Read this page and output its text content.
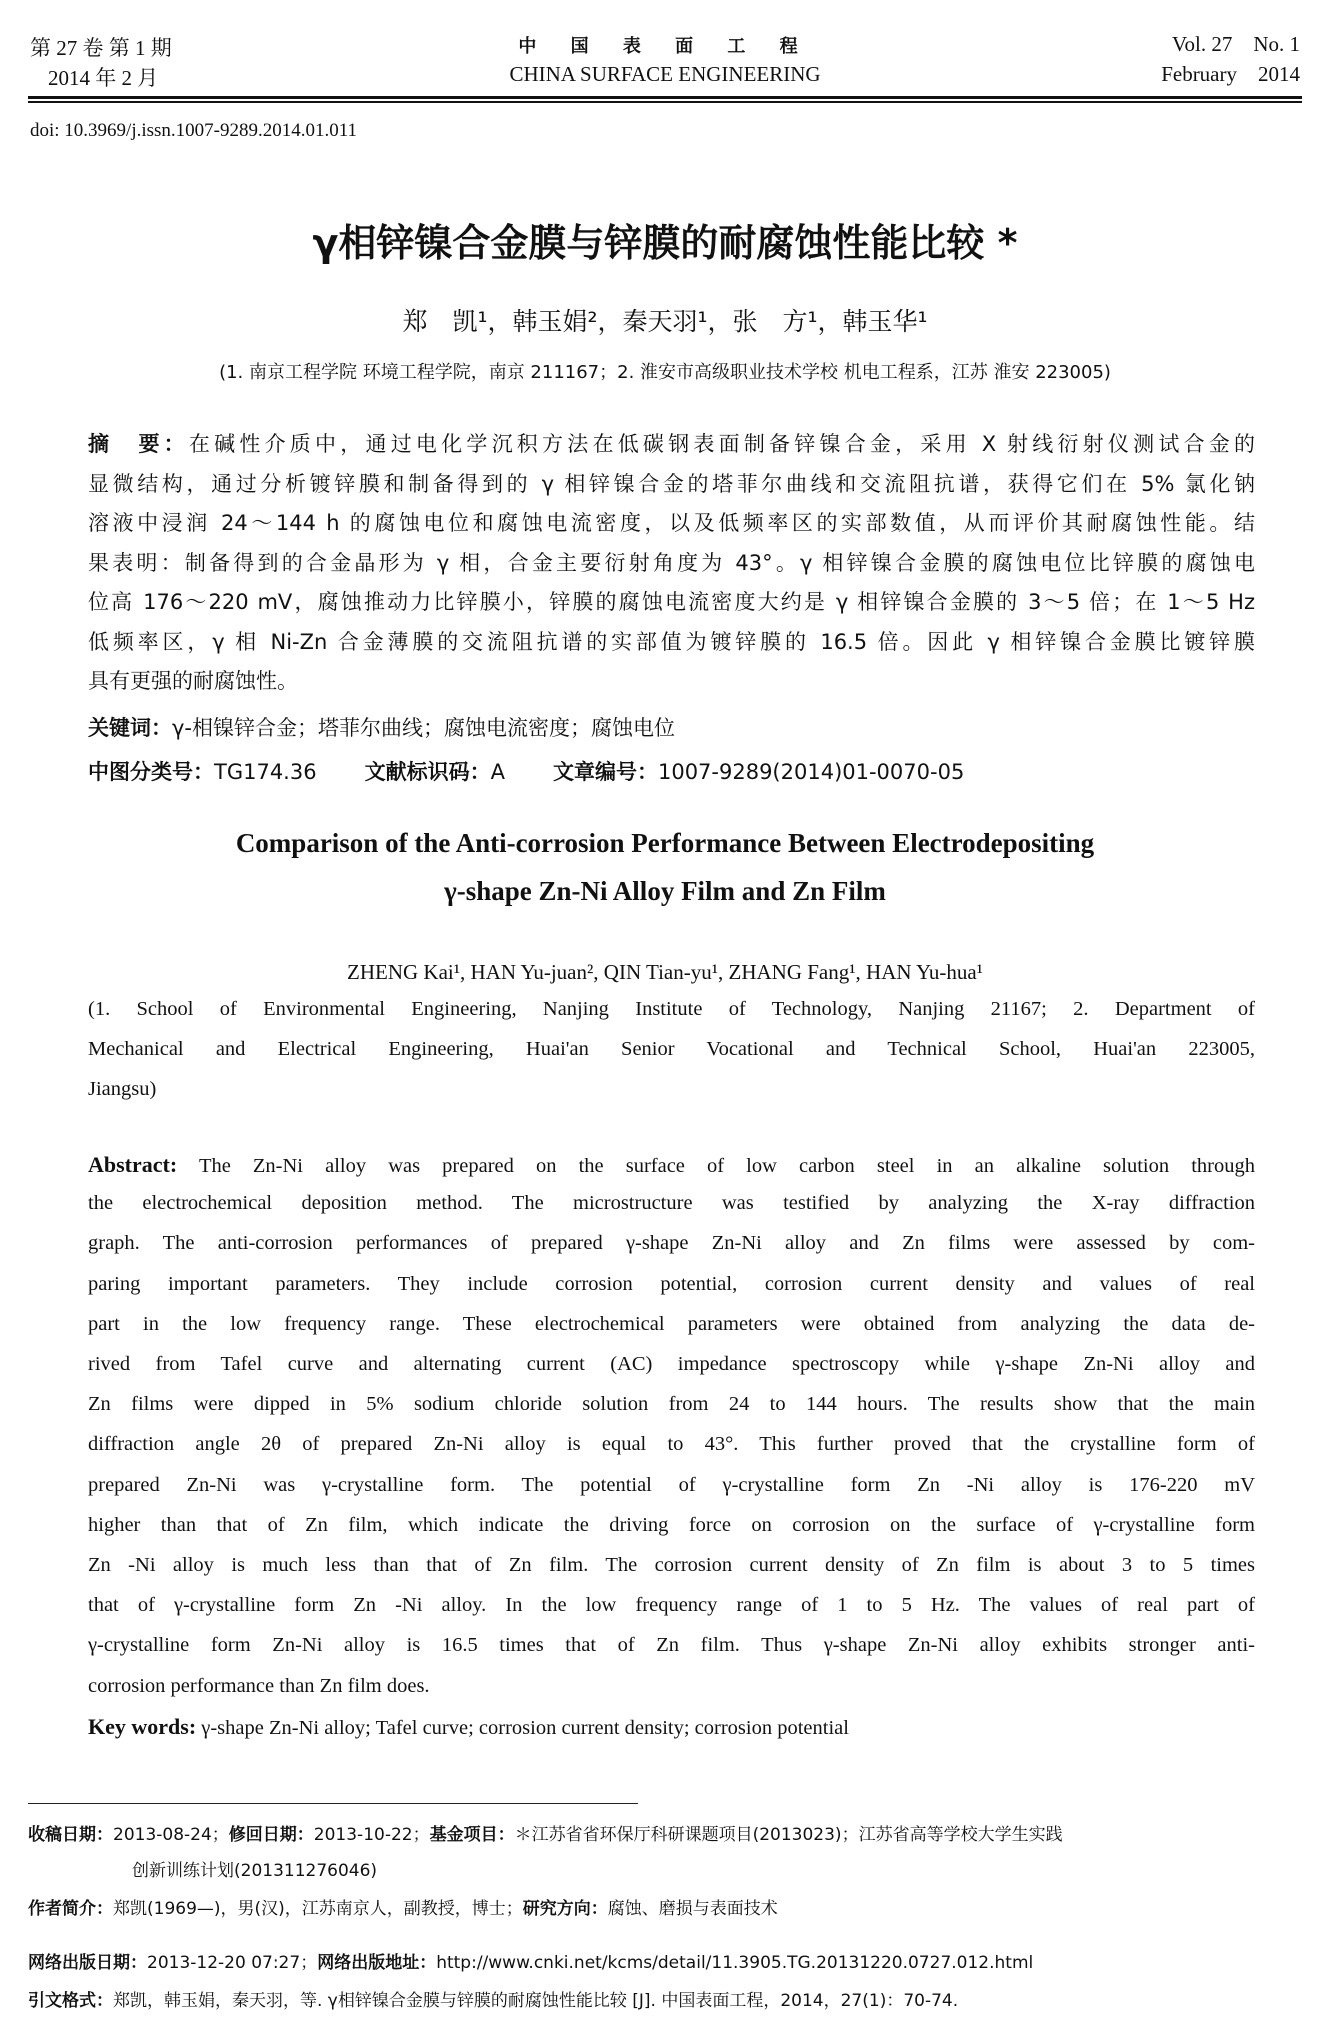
第 27 卷 第 1 期
2014 年 2 月
中 国 表 面 工 程
CHINA SURFACE ENGINEERING
Vol. 27    No. 1
February    2014
doi: 10.3969/j.issn.1007-9289.2014.01.011
γ相锌镍合金膜与锌膜的耐腐蚀性能比较 *
郑　凯¹，韩玉娟²，秦天羽¹，张　方¹，韩玉华¹
(1. 南京工程学院 环境工程学院，南京 211167；2. 淮安市高级职业技术学校 机电工程系，江苏 淮安 223005)
摘　要：在碱性介质中，通过电化学沉积方法在低碳钢表面制备锌镍合金，采用 X 射线衍射仪测试合金的
显微结构，通过分析镀锌膜和制备得到的 γ 相锌镍合金的塔菲尔曲线和交流阻抗谱，获得它们在 5% 氯化钠
溶液中浸润 24～144 h 的腐蚀电位和腐蚀电流密度，以及低频率区的实部数值，从而评价其耐腐蚀性能。结
果表明：制备得到的合金晶形为 γ 相，合金主要衍射角度为 43°。γ 相锌镍合金膜的腐蚀电位比锌膜的腐蚀电
位高 176～220 mV，腐蚀推动力比锌膜小，锌膜的腐蚀电流密度大约是 γ 相锌镍合金膜的 3～5 倍；在 1～5 Hz
低频率区，γ 相 Ni-Zn 合金薄膜的交流阻抗谱的实部值为镀锌膜的 16.5 倍。因此 γ 相锌镍合金膜比镀锌膜
具有更强的耐腐蚀性。
关键词：γ-相镍锌合金；塔菲尔曲线；腐蚀电流密度；腐蚀电位
中图分类号：TG174.36 文献标识码：A 文章编号：1007-9289(2014)01-0070-05
Comparison of the Anti-corrosion Performance Between Electrodepositing
γ-shape Zn-Ni Alloy Film and Zn Film
ZHENG Kai¹, HAN Yu-juan², QIN Tian-yu¹, ZHANG Fang¹, HAN Yu-hua¹
(1. School of Environmental Engineering, Nanjing Institute of Technology, Nanjing 21167; 2. Department of
Mechanical and Electrical Engineering, Huai'an Senior Vocational and Technical School, Huai'an 223005,
Jiangsu)
Abstract: The Zn-Ni alloy was prepared on the surface of low carbon steel in an alkaline solution through
the electrochemical deposition method. The microstructure was testified by analyzing the X-ray diffraction
graph. The anti-corrosion performances of prepared γ-shape Zn-Ni alloy and Zn films were assessed by com-
paring important parameters. They include corrosion potential, corrosion current density and values of real
part in the low frequency range. These electrochemical parameters were obtained from analyzing the data de-
rived from Tafel curve and alternating current (AC) impedance spectroscopy while γ-shape Zn-Ni alloy and
Zn films were dipped in 5% sodium chloride solution from 24 to 144 hours. The results show that the main
diffraction angle 2θ of prepared Zn-Ni alloy is equal to 43°. This further proved that the crystalline form of
prepared Zn-Ni was γ-crystalline form. The potential of γ-crystalline form Zn -Ni alloy is 176-220 mV
higher than that of Zn film, which indicate the driving force on corrosion on the surface of γ-crystalline form
Zn -Ni alloy is much less than that of Zn film. The corrosion current density of Zn film is about 3 to 5 times
that of γ-crystalline form Zn -Ni alloy. In the low frequency range of 1 to 5 Hz. The values of real part of
γ-crystalline form Zn-Ni alloy is 16.5 times that of Zn film. Thus γ-shape Zn-Ni alloy exhibits stronger anti-
corrosion performance than Zn film does.
Key words: γ-shape Zn-Ni alloy; Tafel curve; corrosion current density; corrosion potential
收稿日期：2013-08-24；修回日期：2013-10-22；基金项目：＊江苏省省环保厅科研课题项目(2013023)；江苏省高等学校大学生实践
创新训练计划(201311276046)
作者简介：郑凯(1969—)，男(汉)，江苏南京人，副教授，博士；研究方向：腐蚀、磨损与表面技术
网络出版日期：2013-12-20 07:27；网络出版地址：http://www.cnki.net/kcms/detail/11.3905.TG.20131220.0727.012.html
引文格式：郑凯，韩玉娟，秦天羽，等. γ相锌镍合金膜与锌膜的耐腐蚀性能比较 [J]. 中国表面工程，2014，27(1)：70-74.
